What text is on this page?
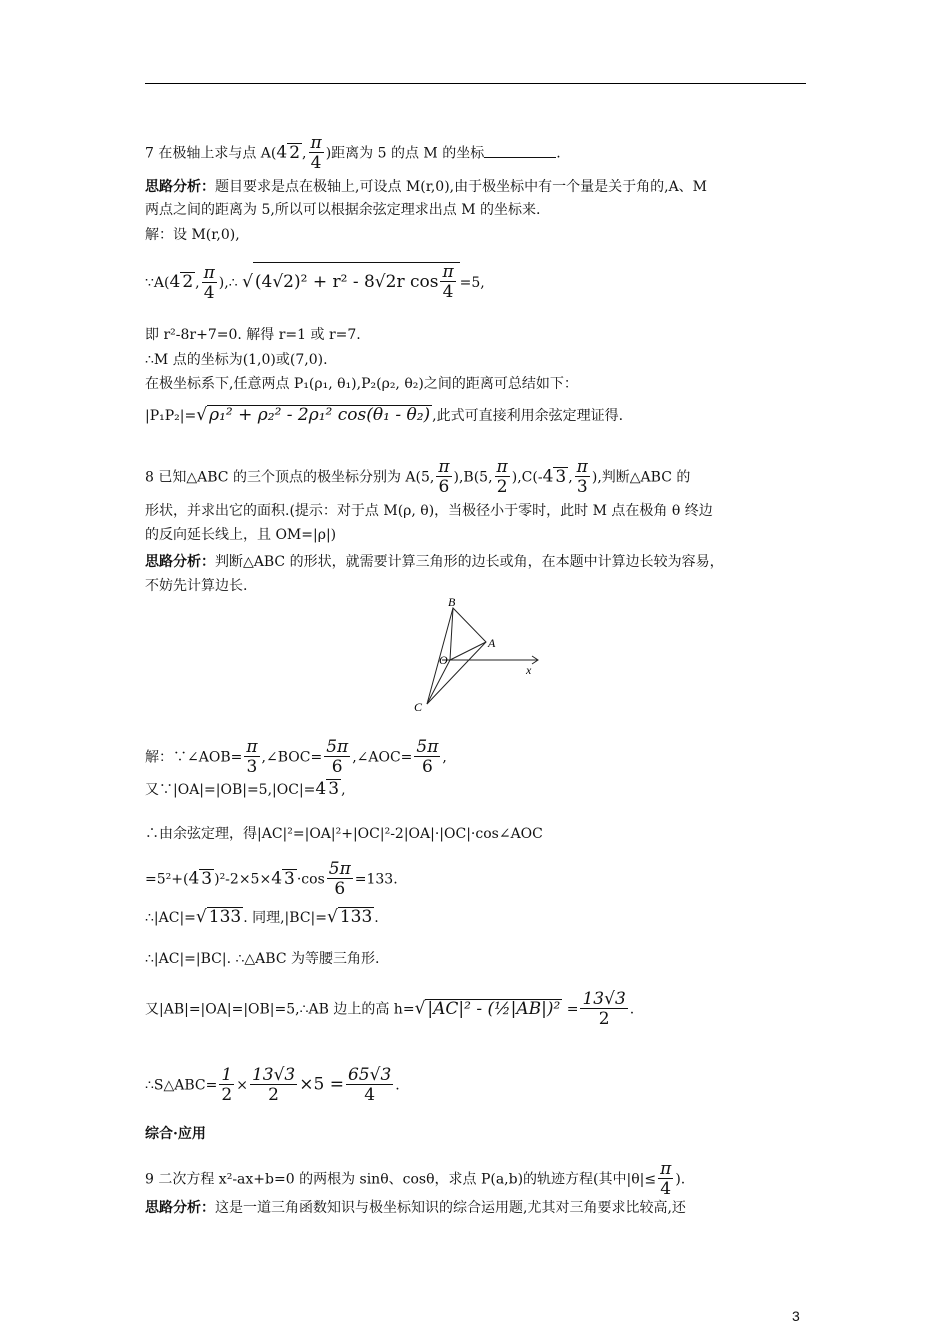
7 在极轴上求与点 A(4 2 , $\frac{\pi}{4}$ )距离为 5 的点 M 的坐标	.
思路分析：题目要求是点在极轴上,可设点 M(r,0),由于极坐标中有一个量是关于角的,A、M
两点之间的距离为 5,所以可以根据余弦定理求出点 M 的坐标来.
解：设 M(r,0),
∵A(4 2 , $\frac{\pi}{4}$ ),∴ √ (4√2)² + r² - 8√2r $\cos \frac{\pi}{4} =5$,
即 r²-8r+7=0. 解得 r=1 或 r=7.
∴M 点的坐标为(1,0)或(7,0).
在极坐标系下,任意两点 P₁(ρ₁, θ₁),P₂(ρ₂, θ₂)之间的距离可总结如下：
|P₁P₂|=√ ρ₁² + ρ₂² - 2ρ₁² cos(θ₁ - θ₂) ,此式可直接利用余弦定理证得.
8 已知△ABC 的三个顶点的极坐标分别为 A(5, $\frac{\pi}{6} ),B(5$, $\frac{\pi}{2} ),C(-4$ 3 , $\frac{\pi}{3}$ ),判断△ABC 的
形状，并求出它的面积.(提示：对于点 M(ρ, θ)，当极径小于零时，此时 M 点在极角 θ 终边
的反向延长线上，且 OM=|ρ|)
思路分析：判断△ABC 的形状，就需要计算三角形的边长或角，在本题中计算边长较为容易，
不妨先计算边长.
B
A
O
C
x
解：∵∠AOB= $\frac{\pi}{3}$ ,∠BOC= $\frac{5\pi}{6}$ ,∠AOC= $\frac{5\pi}{6}$ ,
又∵|OA|=|OB|=5,|OC|=4 3 ,
∴由余弦定理，得|AC|²=|OA|²+|OC|²-2|OA|·|OC|·cos∠AOC
=5²+(4 3 )²-2×5×4 $3 \cdot\cos \frac{5\pi}{6} =133$.
∴|AC|=√ 133 . 同理,|BC|=√ 133 .
∴|AC|=|BC|. ∴△ABC 为等腰三角形.
又|AB|=|OA|=|OB|=5,∴AB 边上的高 h=√ |AC|² - (½|AB|)² = $\frac{13√3}{2}$ .
∴S△ABC= $\frac{1}{2} \times \frac{13√3}{2} \times 5 = \frac{65√3}{4}$ .
综合·应用
9 二次方程 x²-ax+b=0 的两根为 sinθ、cosθ，求点 P(a,b)的轨迹方程(其中$|\theta|\le \frac{\pi}{4}$ ).
思路分析：这是一道三角函数知识与极坐标知识的综合运用题,尤其对三角要求比较高,还
3
